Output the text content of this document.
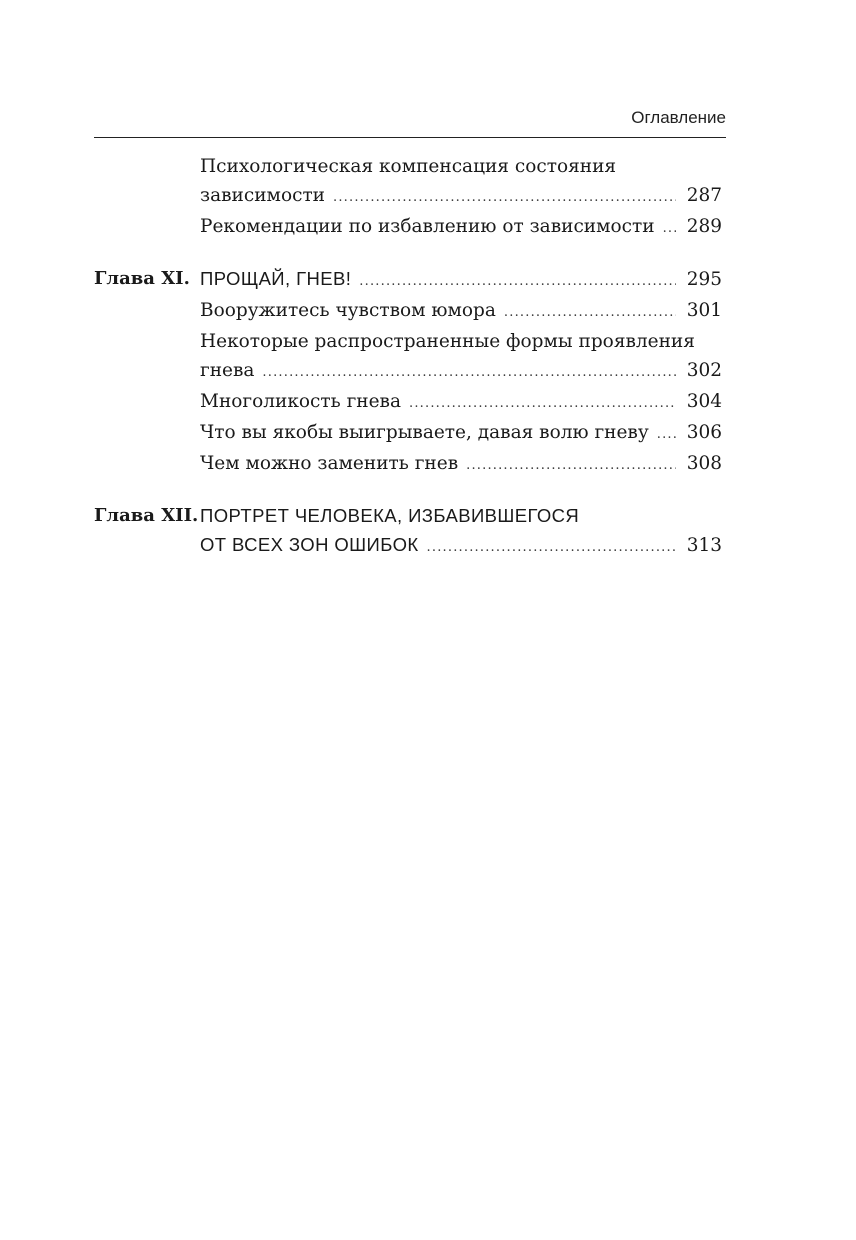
Оглавление
Психологическая компенсация состояния
зависимости .....	287
Рекомендации по избавлению от зависимости ..... 289
Глава XI. ПРОЩАЙ, ГНЕВ! .....	295
Вооружитесь чувством юмора .....	301
Некоторые распространенные формы проявления
гнева .....	302
Многоликость гнева .....	304
Что вы якобы выигрываете, давая волю гневу ..... 306
Чем можно заменить гнев .....	308
Глава XII. ПОРТРЕТ ЧЕЛОВЕКА, ИЗБАВИВШЕГОСЯ
ОТ ВСЕХ ЗОН ОШИБОК .....	313
